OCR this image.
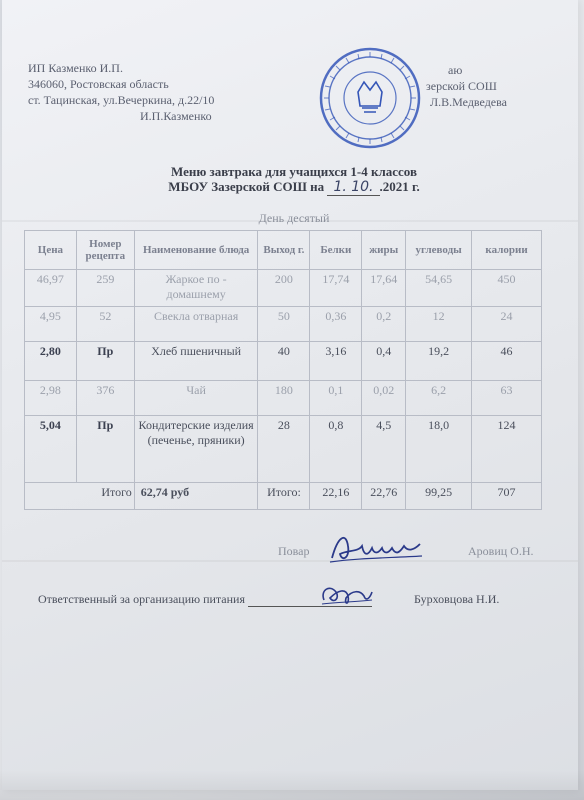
ИП Казменко И.П.
346060, Ростовская область
ст. Тацинская, ул.Вечеркина, д.22/10
И.П.Казменко
аю
зерской СОШ
Л.В.Медведева
Меню завтрака для учащихся 1-4 классов
МБОУ Зазерской СОШ на 1. 10. .2021 г.
День десятый
Цена	Номер рецепта	Наименование блюда	Выход г.	Белки	жиры	углеводы	калории
46,97	259	Жаркое по - домашнему	200	17,74	17,64	54,65	450
4,95	52	Свекла отварная	50	0,36	0,2	12	24
2,80	Пр	Хлеб пшеничный	40	3,16	0,4	19,2	46
2,98	376	Чай	180	0,1	0,02	6,2	63
5,04	Пр	Кондитерские изделия (печенье, пряники)	28	0,8	4,5	18,0	124
Итого		62,74 руб	Итого:	22,16	22,76	99,25	707
Повар	Аровиц О.Н.
Ответственный за организацию питания	Бурховцова Н.И.
